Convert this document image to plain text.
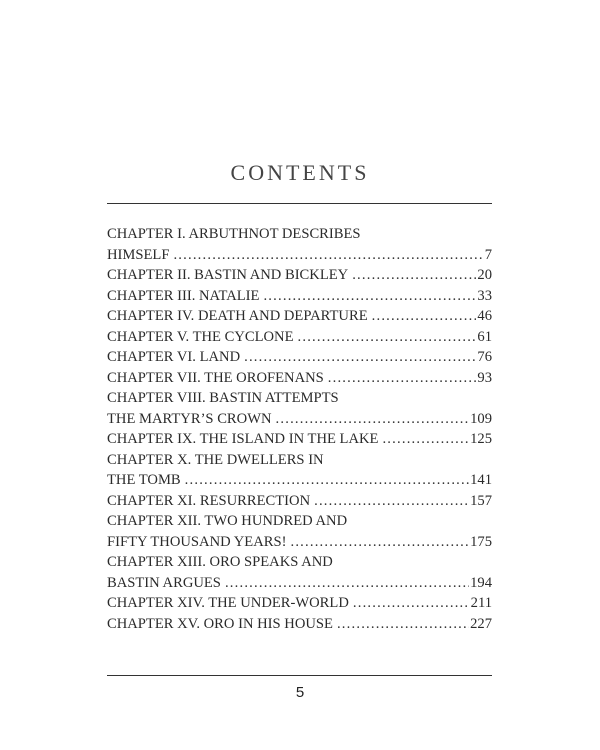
CONTENTS
CHAPTER I. ARBUTHNOT DESCRIBES
HIMSELF .....	7
CHAPTER II. BASTIN AND BICKLEY .....	20
CHAPTER III. NATALIE .....	33
CHAPTER IV. DEATH AND DEPARTURE .....	46
CHAPTER V. THE CYCLONE .....	61
CHAPTER VI. LAND .....	76
CHAPTER VII. THE OROFENANS .....	93
CHAPTER VIII. BASTIN ATTEMPTS
THE MARTYR’S CROWN .....	109
CHAPTER IX. THE ISLAND IN THE LAKE .....	125
CHAPTER X. THE DWELLERS IN
THE TOMB .....	141
CHAPTER XI. RESURRECTION .....	157
CHAPTER XII. TWO HUNDRED AND
FIFTY THOUSAND YEARS! .....	175
CHAPTER XIII. ORO SPEAKS AND
BASTIN ARGUES .....	194
CHAPTER XIV. THE UNDER-WORLD .....	211
CHAPTER XV. ORO IN HIS HOUSE .....	227
5
